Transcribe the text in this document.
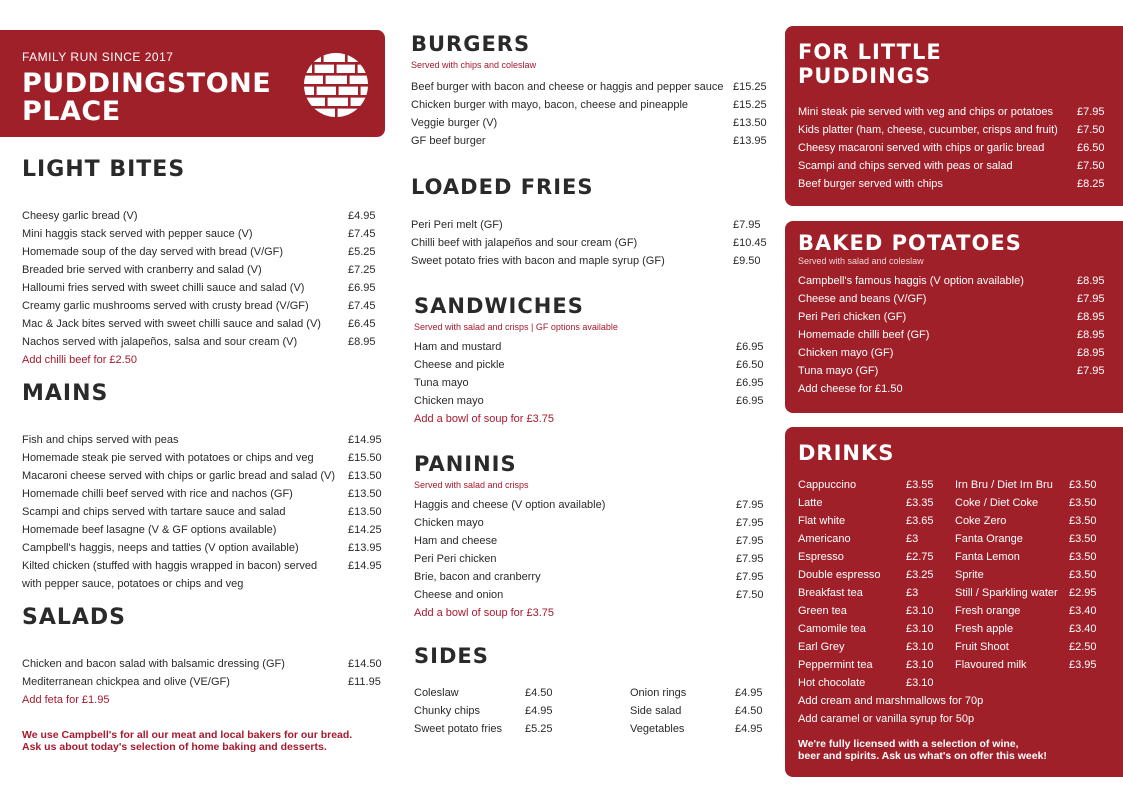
FAMILY RUN SINCE 2017
PUDDINGSTONE
PLACE
LIGHT BITES
Cheesy garlic bread (V)	£4.95
Mini haggis stack served with pepper sauce (V)	£7.45
Homemade soup of the day served with bread (V/GF)	£5.25
Breaded brie served with cranberry and salad (V)	£7.25
Halloumi fries served with sweet chilli sauce and salad (V)	£6.95
Creamy garlic mushrooms served with crusty bread (V/GF)	£7.45
Mac & Jack bites served with sweet chilli sauce and salad (V)	£6.45
Nachos served with jalapeños, salsa and sour cream (V)	£8.95
Add chilli beef for £2.50
MAINS
Fish and chips served with peas	£14.95
Homemade steak pie served with potatoes or chips and veg	£15.50
Macaroni cheese served with chips or garlic bread and salad (V)	£13.50
Homemade chilli beef served with rice and nachos (GF)	£13.50
Scampi and chips served with tartare sauce and salad	£13.50
Homemade beef lasagne (V & GF options available)	£14.25
Campbell's haggis, neeps and tatties (V option available)	£13.95
Kilted chicken (stuffed with haggis wrapped in bacon) served	£14.95
with pepper sauce, potatoes or chips and veg
SALADS
Chicken and bacon salad with balsamic dressing (GF)	£14.50
Mediterranean chickpea and olive (VE/GF)	£11.95
Add feta for £1.95
We use Campbell's for all our meat and local bakers for our bread.
Ask us about today's selection of home baking and desserts.
BURGERS
Served with chips and coleslaw
Beef burger with bacon and cheese or haggis and pepper sauce £15.25
Chicken burger with mayo, bacon, cheese and pineapple	£15.25
Veggie burger (V)	£13.50
GF beef burger	£13.95
LOADED FRIES
Peri Peri melt (GF)	£7.95
Chilli beef with jalapeños and sour cream (GF)	£10.45
Sweet potato fries with bacon and maple syrup (GF)	£9.50
SANDWICHES
Served with salad and crisps | GF options available
Ham and mustard	£6.95
Cheese and pickle	£6.50
Tuna mayo	£6.95
Chicken mayo	£6.95
Add a bowl of soup for £3.75
PANINIS
Served with salad and crisps
Haggis and cheese (V option available)	£7.95
Chicken mayo	£7.95
Ham and cheese	£7.95
Peri Peri chicken	£7.95
Brie, bacon and cranberry	£7.95
Cheese and onion	£7.50
Add a bowl of soup for £3.75
SIDES
Coleslaw	£4.50
Chunky chips	£4.95
Sweet potato fries	£5.25
Onion rings	£4.95
Side salad	£4.50
Vegetables	£4.95
FOR LITTLE
PUDDINGS
Mini steak pie served with veg and chips or potatoes	£7.95
Kids platter (ham, cheese, cucumber, crisps and fruit)	£7.50
Cheesy macaroni served with chips or garlic bread	£6.50
Scampi and chips served with peas or salad	£7.50
Beef burger served with chips	£8.25
BAKED POTATOES
Served with salad and coleslaw
Campbell's famous haggis (V option available)	£8.95
Cheese and beans (V/GF)	£7.95
Peri Peri chicken (GF)	£8.95
Homemade chilli beef (GF)	£8.95
Chicken mayo (GF)	£8.95
Tuna mayo (GF)	£7.95
Add cheese for £1.50
DRINKS
Cappuccino	£3.55
Latte	£3.35
Flat white	£3.65
Americano	£3
Espresso	£2.75
Double espresso	£3.25
Breakfast tea	£3
Green tea	£3.10
Camomile tea	£3.10
Earl Grey	£3.10
Peppermint tea	£3.10
Hot chocolate	£3.10
Irn Bru / Diet Irn Bru	£3.50
Coke / Diet Coke	£3.50
Coke Zero	£3.50
Fanta Orange	£3.50
Fanta Lemon	£3.50
Sprite	£3.50
Still / Sparkling water	£2.95
Fresh orange	£3.40
Fresh apple	£3.40
Fruit Shoot	£2.50
Flavoured milk	£3.95
Add cream and marshmallows for 70p
Add caramel or vanilla syrup for 50p
We're fully licensed with a selection of wine,
beer and spirits. Ask us what's on offer this week!
